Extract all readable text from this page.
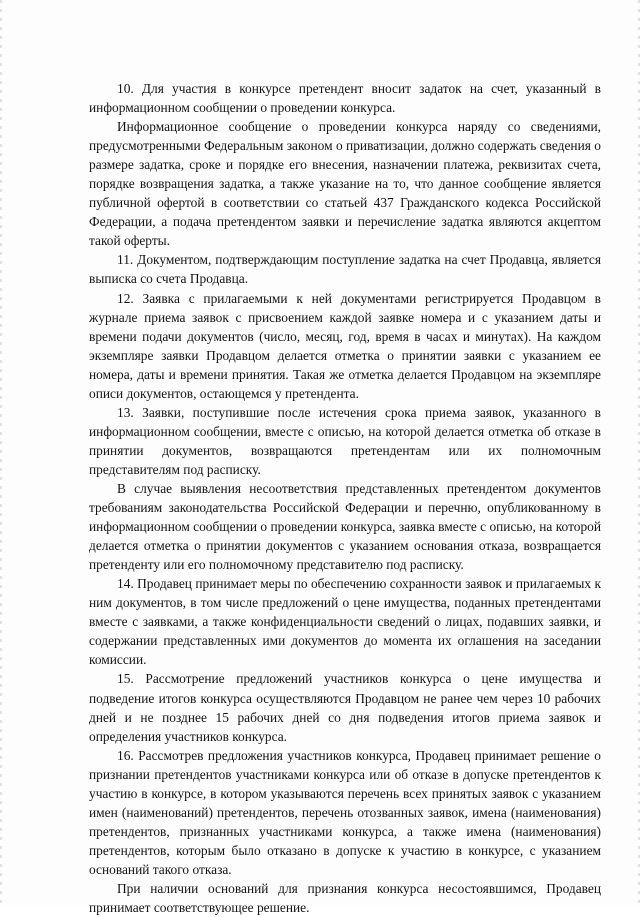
10. Для участия в конкурсе претендент вносит задаток на счет, указанный в информационном сообщении о проведении конкурса.

Информационное сообщение о проведении конкурса наряду со сведениями, предусмотренными Федеральным законом о приватизации, должно содержать сведения о размере задатка, сроке и порядке его внесения, назначении платежа, реквизитах счета, порядке возвращения задатка, а также указание на то, что данное сообщение является публичной офертой в соответствии со статьей 437 Гражданского кодекса Российской Федерации, а подача претендентом заявки и перечисление задатка являются акцептом такой оферты.

11. Документом, подтверждающим поступление задатка на счет Продавца, является выписка со счета Продавца.

12. Заявка с прилагаемыми к ней документами регистрируется Продавцом в журнале приема заявок с присвоением каждой заявке номера и с указанием даты и времени подачи документов (число, месяц, год, время в часах и минутах). На каждом экземпляре заявки Продавцом делается отметка о принятии заявки с указанием ее номера, даты и времени принятия. Такая же отметка делается Продавцом на экземпляре описи документов, остающемся у претендента.

13. Заявки, поступившие после истечения срока приема заявок, указанного в информационном сообщении, вместе с описью, на которой делается отметка об отказе в принятии документов, возвращаются претендентам или их полномочным представителям под расписку.

В случае выявления несоответствия представленных претендентом документов требованиям законодательства Российской Федерации и перечню, опубликованному в информационном сообщении о проведении конкурса, заявка вместе с описью, на которой делается отметка о принятии документов с указанием основания отказа, возвращается претенденту или его полномочному представителю под расписку.

14. Продавец принимает меры по обеспечению сохранности заявок и прилагаемых к ним документов, в том числе предложений о цене имущества, поданных претендентами вместе с заявками, а также конфиденциальности сведений о лицах, подавших заявки, и содержании представленных ими документов до момента их оглашения на заседании комиссии.

15. Рассмотрение предложений участников конкурса о цене имущества и подведение итогов конкурса осуществляются Продавцом не ранее чем через 10 рабочих дней и не позднее 15 рабочих дней со дня подведения итогов приема заявок и определения участников конкурса.

16. Рассмотрев предложения участников конкурса, Продавец принимает решение о признании претендентов участниками конкурса или об отказе в допуске претендентов к участию в конкурсе, в котором указываются перечень всех принятых заявок с указанием имен (наименований) претендентов, перечень отозванных заявок, имена (наименования) претендентов, признанных участниками конкурса, а также имена (наименования) претендентов, которым было отказано в допуске к участию в конкурсе, с указанием оснований такого отказа.

При наличии оснований для признания конкурса несостоявшимся, Продавец принимает соответствующее решение.
